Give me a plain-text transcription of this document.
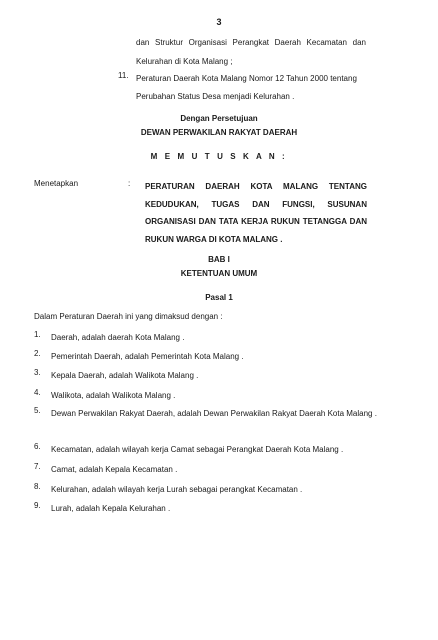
3
dan Struktur Organisasi Perangkat Daerah Kecamatan dan Kelurahan di Kota Malang ;
11. Peraturan Daerah Kota Malang Nomor 12 Tahun 2000 tentang Perubahan Status Desa menjadi Kelurahan .
Dengan Persetujuan
DEWAN PERWAKILAN RAKYAT DAERAH
M E M U T U S K A N :
Menetapkan	: PERATURAN DAERAH KOTA MALANG TENTANG KEDUDUKAN, TUGAS DAN FUNGSI, SUSUNAN ORGANISASI DAN TATA KERJA RUKUN TETANGGA DAN RUKUN WARGA DI KOTA MALANG .
BAB I
KETENTUAN UMUM
Pasal 1
Dalam Peraturan Daerah ini yang dimaksud dengan :
1. Daerah, adalah daerah Kota Malang .
2. Pemerintah Daerah, adalah Pemerintah Kota Malang .
3. Kepala Daerah, adalah Walikota Malang .
4. Walikota, adalah Walikota Malang .
5. Dewan Perwakilan Rakyat Daerah, adalah Dewan Perwakilan Rakyat Daerah Kota Malang .
6. Kecamatan, adalah wilayah kerja Camat sebagai Perangkat Daerah Kota Malang .
7. Camat, adalah Kepala Kecamatan .
8. Kelurahan, adalah wilayah kerja Lurah sebagai perangkat Kecamatan .
9. Lurah, adalah Kepala Kelurahan .
